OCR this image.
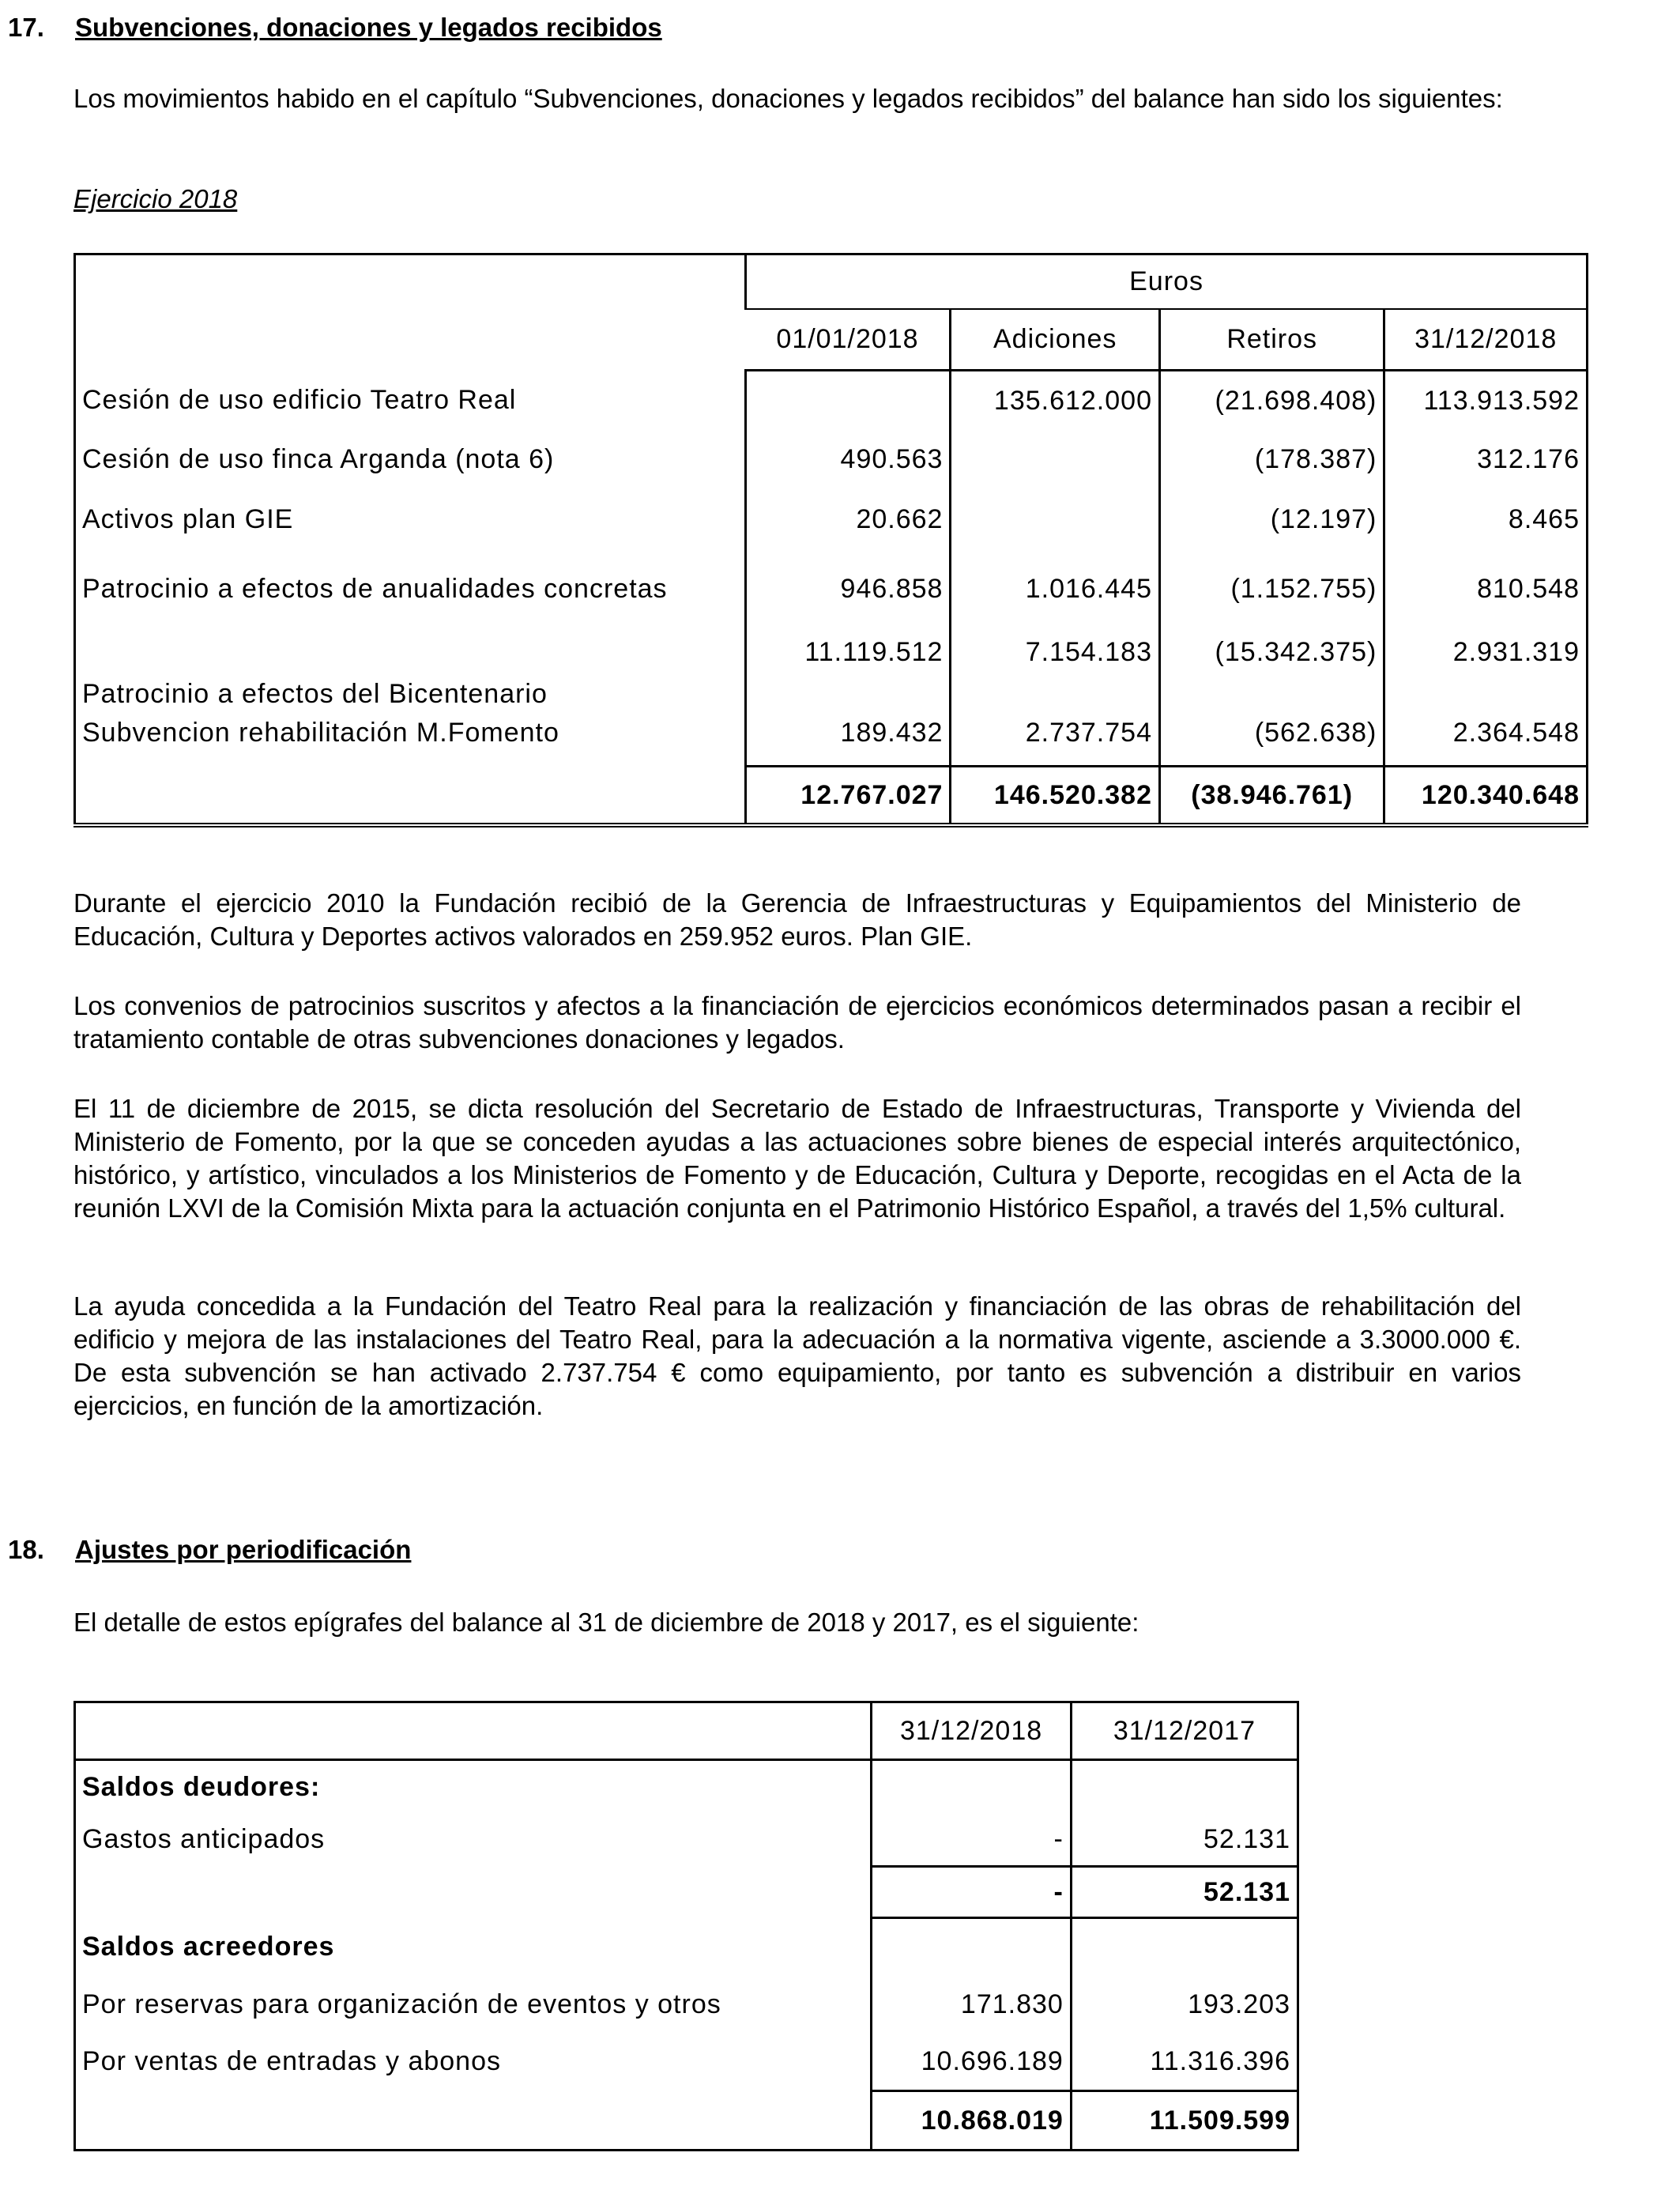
17. Subvenciones, donaciones y legados recibidos

Los movimientos habido en el capítulo “Subvenciones, donaciones y legados recibidos” del balance han sido los siguientes:

Ejercicio 2018
	Euros			
	01/01/2018	Adiciones	Retiros	31/12/2018
Cesión de uso edificio Teatro Real		135.612.000	(21.698.408)	113.913.592
Cesión de uso finca Arganda (nota 6)	490.563		(178.387)	312.176
Activos plan GIE	20.662		(12.197)	8.465
Patrocinio a efectos de anualidades concretas	946.858	1.016.445	(1.152.755)	810.548
Patrocinio a efectos del Bicentenario	11.119.512	7.154.183	(15.342.375)	2.931.319
Subvencion rehabilitación M.Fomento	189.432	2.737.754	(562.638)	2.364.548
	12.767.027	146.520.382	(38.946.761)	120.340.648

Durante el ejercicio 2010 la Fundación recibió de la Gerencia de Infraestructuras y Equipamientos del Ministerio de Educación, Cultura y Deportes activos valorados en 259.952 euros. Plan GIE.

Los convenios de patrocinios suscritos y afectos a la financiación de ejercicios económicos determinados pasan a recibir el tratamiento contable de otras subvenciones donaciones y legados.

El 11 de diciembre de 2015, se dicta resolución del Secretario de Estado de Infraestructuras, Transporte y Vivienda del Ministerio de Fomento, por la que se conceden ayudas a las actuaciones sobre bienes de especial interés arquitectónico, histórico, y artístico, vinculados a los Ministerios de Fomento y de Educación, Cultura y Deporte, recogidas en el Acta de la reunión LXVI de la Comisión Mixta para la actuación conjunta en el Patrimonio Histórico Español, a través del 1,5% cultural.

La ayuda concedida a la Fundación del Teatro Real para la realización y financiación de las obras de rehabilitación del edificio y mejora de las instalaciones del Teatro Real, para la adecuación a la normativa vigente, asciende a 3.3000.000 €. De esta subvención se han activado 2.737.754 € como equipamiento, por tanto es subvención a distribuir en varios ejercicios, en función de la amortización.

18. Ajustes por periodificación

El detalle de estos epígrafes del balance al 31 de diciembre de 2018 y 2017, es el siguiente:

	31/12/2018	31/12/2017
Saldos deudores:		
Gastos anticipados	-	52.131
	-	52.131
Saldos acreedores		
Por reservas para organización de eventos y otros	171.830	193.203
Por ventas de entradas y abonos	10.696.189	11.316.396
	10.868.019	11.509.599
